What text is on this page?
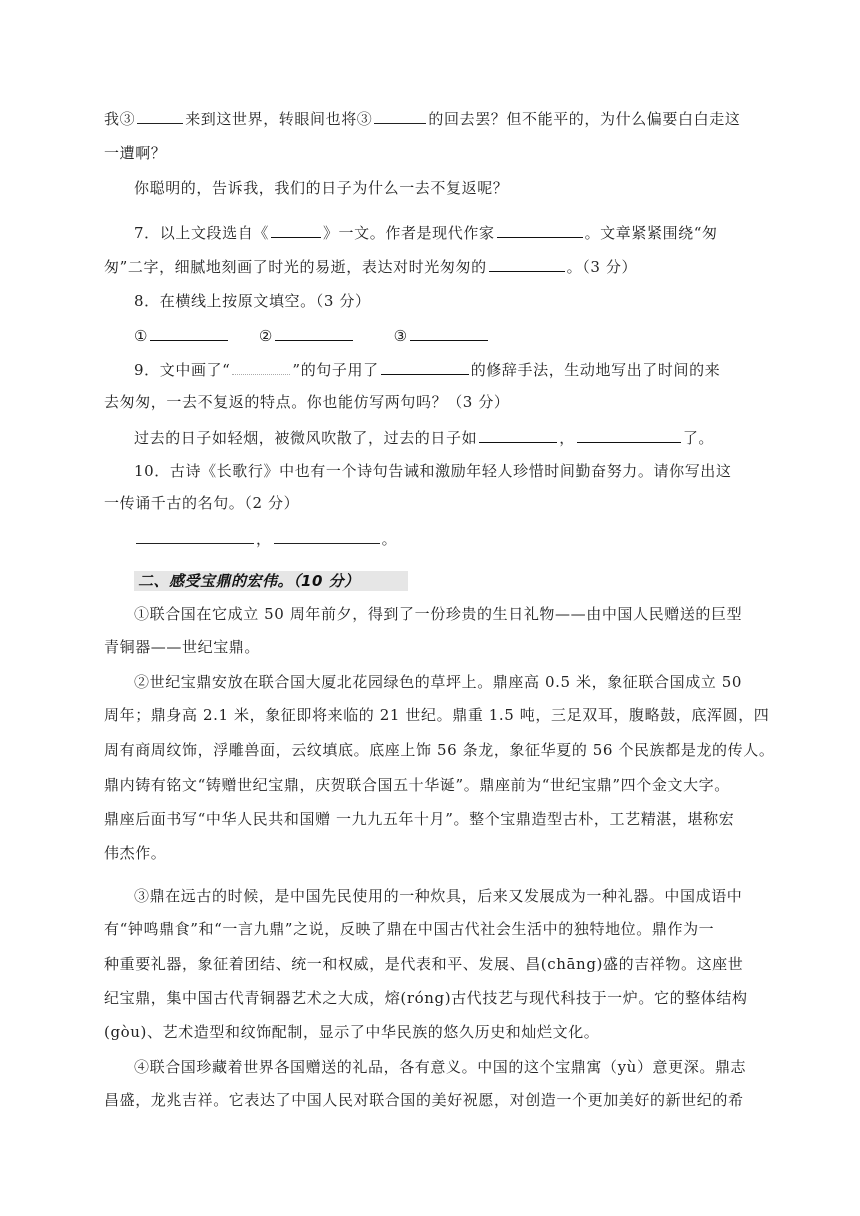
我③	来到这世界，转眼间也将③	的回去罢？但不能平的，为什么偏要白白走这
一遭啊？
你聪明的，告诉我，我们的日子为什么一去不复返呢？
7．以上文段选自《	》一文。作者是现代作家	。文章紧紧围绕“匆
匆”二字，细腻地刻画了时光的易逝，表达对时光匆匆的	。（3 分）
8．在横线上按原文填空。（3 分）
①	②	③
9．文中画了“	”的句子用了	的修辞手法，生动地写出了时间的来
去匆匆，一去不复返的特点。你也能仿写两句吗？（3 分）
过去的日子如轻烟，被微风吹散了，过去的日子如	，	了。
10．古诗《长歌行》中也有一个诗句告诫和激励年轻人珍惜时间勤奋努力。请你写出这
一传诵千古的名句。（2 分）
，	。
二、感受宝鼎的宏伟。（10 分）
①联合国在它成立 50 周年前夕，得到了一份珍贵的生日礼物——由中国人民赠送的巨型
青铜器——世纪宝鼎。
②世纪宝鼎安放在联合国大厦北花园绿色的草坪上。鼎座高 0.5 米，象征联合国成立 50
周年；鼎身高 2.1 米，象征即将来临的 21 世纪。鼎重 1.5 吨，三足双耳，腹略鼓，底浑圆，四
周有商周纹饰，浮雕兽面，云纹填底。底座上饰 56 条龙，象征华夏的 56 个民族都是龙的传人。
鼎内铸有铭文“铸赠世纪宝鼎，庆贺联合国五十华诞”。鼎座前为“世纪宝鼎”四个金文大字。
鼎座后面书写“中华人民共和国赠 一九九五年十月”。整个宝鼎造型古朴，工艺精湛，堪称宏
伟杰作。
③鼎在远古的时候，是中国先民使用的一种炊具，后来又发展成为一种礼器。中国成语中
有“钟鸣鼎食”和“一言九鼎”之说，反映了鼎在中国古代社会生活中的独特地位。鼎作为一
种重要礼器，象征着团结、统一和权威，是代表和平、发展、昌(chāng)盛的吉祥物。这座世
纪宝鼎，集中国古代青铜器艺术之大成，熔(róng)古代技艺与现代科技于一炉。它的整体结构
(gòu)、艺术造型和纹饰配制，显示了中华民族的悠久历史和灿烂文化。
④联合国珍藏着世界各国赠送的礼品，各有意义。中国的这个宝鼎寓（yù）意更深。鼎志
昌盛，龙兆吉祥。它表达了中国人民对联合国的美好祝愿，对创造一个更加美好的新世纪的希
